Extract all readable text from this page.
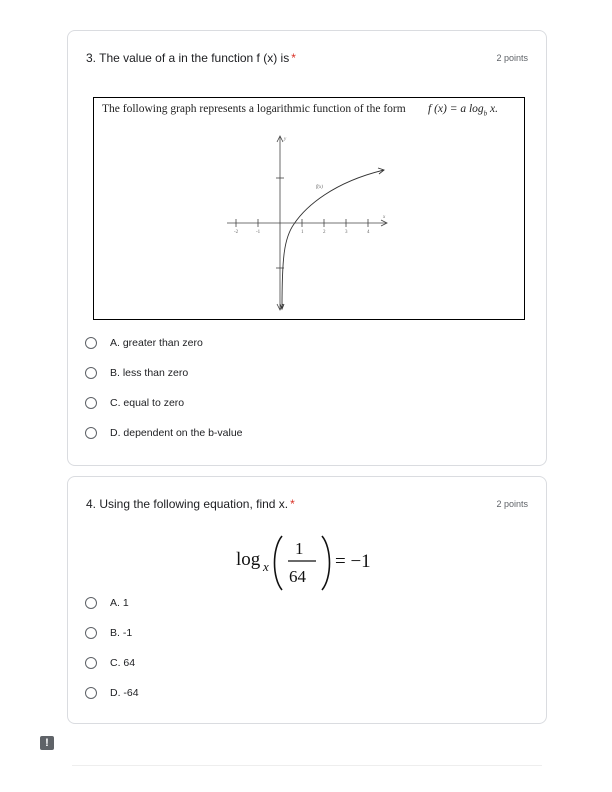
3. The value of a in the function f (x) is *	2 points
The following graph represents a logarithmic function of the form f (x) = a $\log_b x$.
-2	-1	1	2	3	4
y
x
f(x)
A. greater than zero
B. less than zero
C. equal to zero
D. dependent on the b-value
4. Using the following equation, find x. *	2 points
log x
1
64
= −1
A. 1
B. -1
C. 64
D. -64
!
